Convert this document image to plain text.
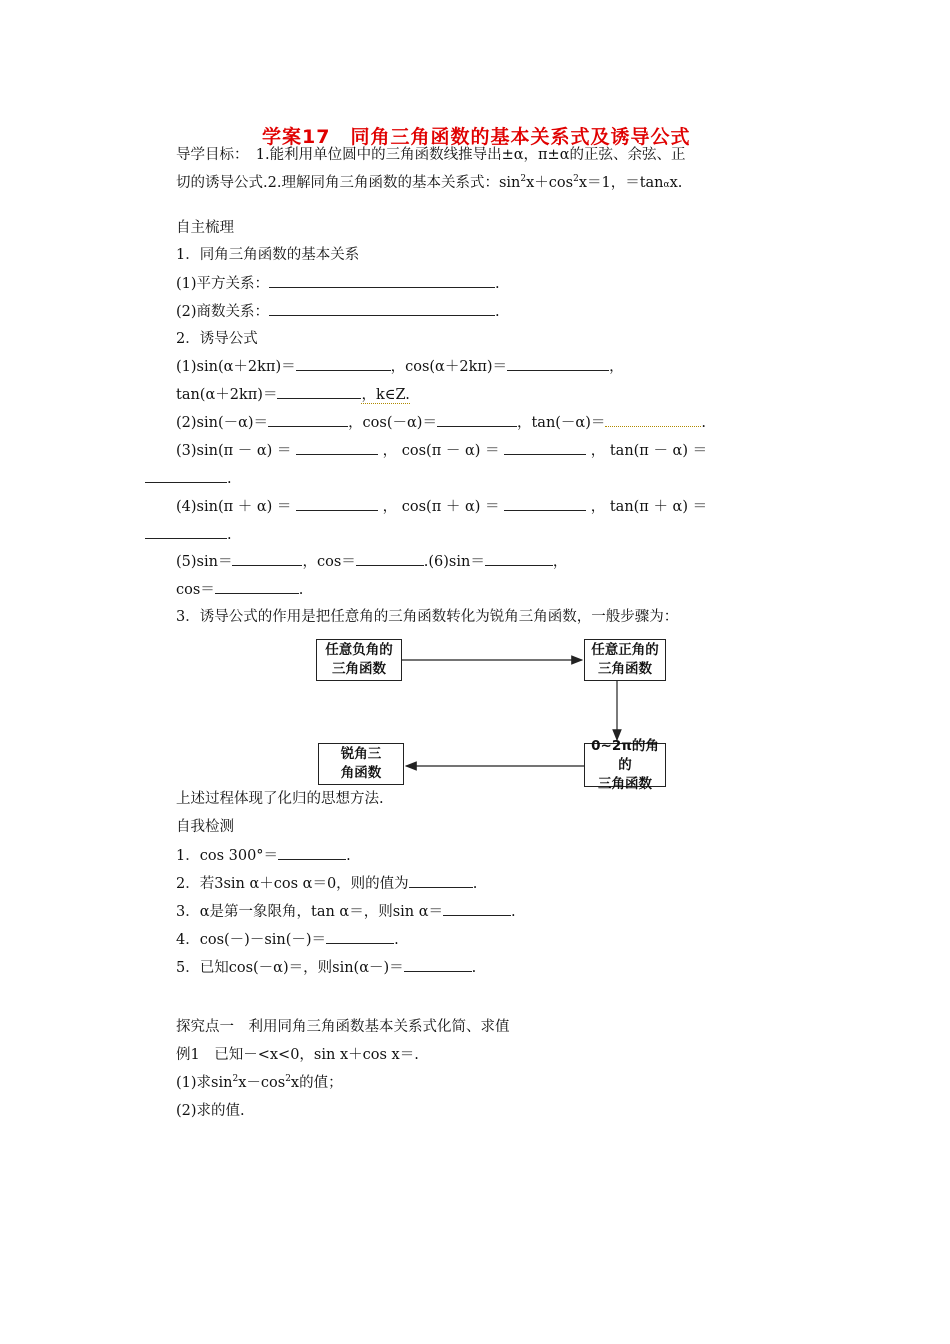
学案17　同角三角函数的基本关系式及诱导公式
导学目标：　1.能利用单位圆中的三角函数线推导出±α，π±α的正弦、余弦、正
切的诱导公式.2.理解同角三角函数的基本关系式：$\sin^2x+\cos^2x=1$，＝tanαx.
自主梳理
1．同角三角函数的基本关系
(1)平方关系：	.
(2)商数关系：	.
2．诱导公式
(1)sin(α＋2kπ)＝	，cos(α＋2kπ)＝	，
tan(α＋2kπ)＝	，k∈Z.
(2)sin(－α)＝	，cos(－α)＝	，tan(－α)＝	.
(3)sin(π － α) ＝	， cos(π － α) ＝	， tan(π － α) ＝
.
(4)sin(π ＋ α) ＝	， cos(π ＋ α) ＝	， tan(π ＋ α) ＝
.
(5)sin＝	，cos＝	.(6)sin＝	，
cos＝	.
3．诱导公式的作用是把任意角的三角函数转化为锐角三角函数，一般步骤为：
任意负角的
三角函数
任意正角的
三角函数
0~2π的角的
三角函数
锐角三
角函数
上述过程体现了化归的思想方法.
自我检测
1．cos 300°＝	.
2．若3sin α＋cos α＝0，则的值为	.
3．α是第一象限角，tan α＝，则sin α＝	.
4．cos(－)－sin(－)＝	.
5．已知cos(－α)＝，则sin(α－)＝	.
探究点一　利用同角三角函数基本关系式化简、求值
例1　已知－<x<0，sin x＋cos x＝.
(1)求$\sin^2x-\cos^2x$的值；
(2)求的值.
